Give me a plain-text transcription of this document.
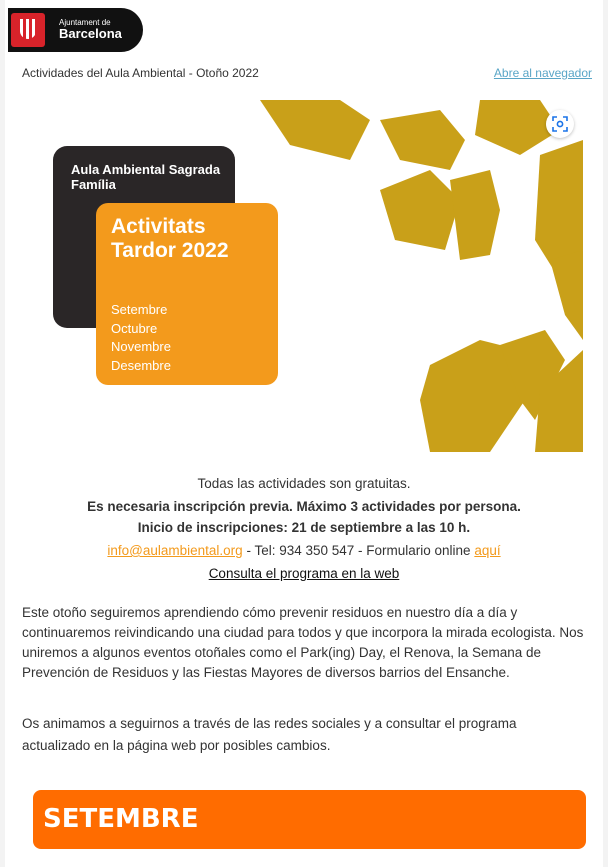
Ajuntament de
Barcelona
Actividades del Aula Ambiental - Otoño 2022	Abre al navegador
Aula Ambiental Sagrada Família
Activitats Tardor 2022
Setembre
Octubre
Novembre
Desembre
Todas las actividades son gratuitas.
Es necesaria inscripción previa. Máximo 3 actividades por persona.
Inicio de inscripciones: 21 de septiembre a las 10 h.
info@aulambiental.org - Tel: 934 350 547 - Formulario online aquí
Consulta el programa en la web
Este otoño seguiremos aprendiendo cómo prevenir residuos en nuestro día a día y continuaremos reivindicando una ciudad para todos y que incorpora la mirada ecologista. Nos uniremos a algunos eventos otoñales como el Park(ing) Day, el Renova, la Semana de Prevención de Residuos y las Fiestas Mayores de diversos barrios del Ensanche.
Os animamos a seguirnos a través de las redes sociales y a consultar el programa actualizado en la página web por posibles cambios.
SETEMBRE
